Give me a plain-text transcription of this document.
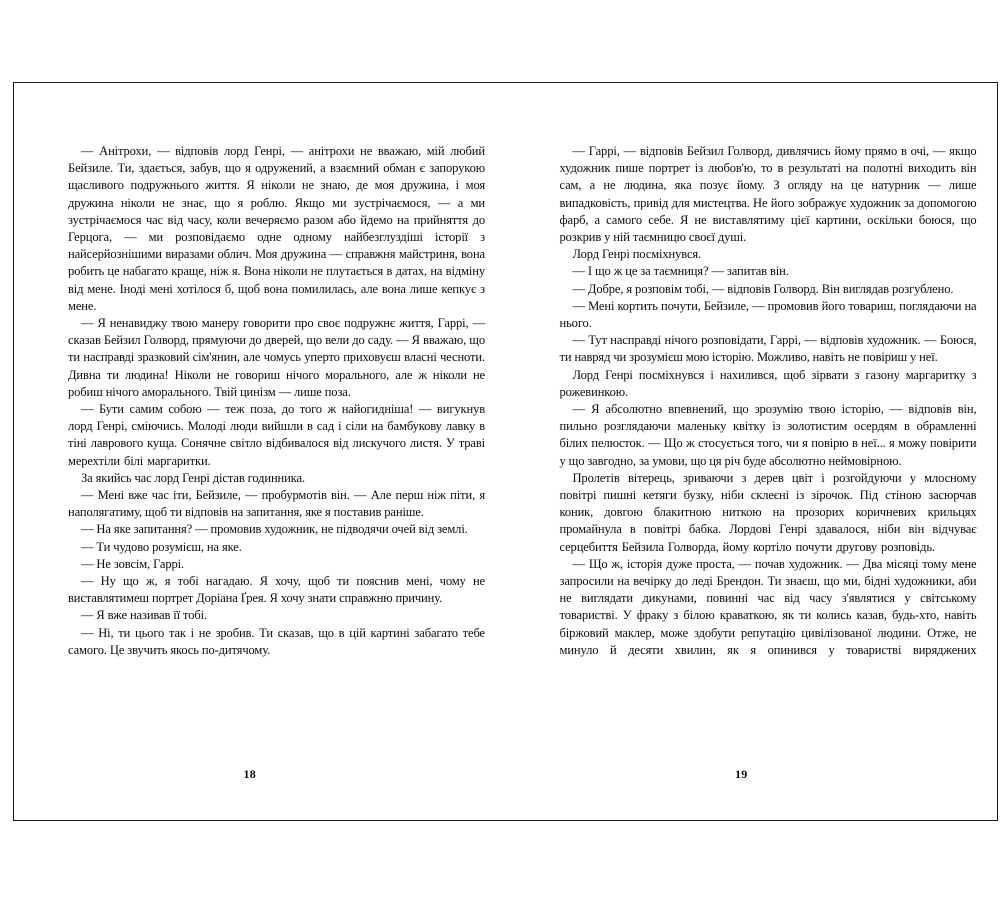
— Анітрохи, — відповів лорд Генрі, — анітрохи не вважаю, мій любий Бейзиле. Ти, здається, забув, що я одружений, а взаємний обман є запорукою щасливого подружнього життя. Я ніколи не знаю, де моя дружина, і моя дружина ніколи не знає, що я роблю. Якщо ми зустрічаємося, — а ми зустрічаємося час від часу, коли вечеряємо разом або йдемо на прийняття до Герцога, — ми розповідаємо одне одному найбезглуздіші історії з найсерйознішими виразами облич. Моя дружина — справжня майстриня, вона робить це набагато краще, ніж я. Вона ніколи не плутається в датах, на відміну від мене. Іноді мені хотілося б, щоб вона помилилась, але вона лише кепкує з мене.

— Я ненавиджу твою манеру говорити про своє подружнє життя, Гаррі, — сказав Бейзил Голворд, прямуючи до дверей, що вели до саду. — Я вважаю, що ти насправді зразковий сім'янин, але чомусь уперто приховуєш власні чесноти. Дивна ти людина! Ніколи не говориш нічого морального, але ж ніколи не робиш нічого аморального. Твій цинізм — лише поза.

— Бути самим собою — теж поза, до того ж найогидніша! — вигукнув лорд Генрі, сміючись. Молоді люди вийшли в сад і сіли на бамбукову лавку в тіні лаврового куща. Сонячне світло відбивалося від лискучого листя. У траві мерехтіли білі маргаритки.

За якийсь час лорд Генрі дістав годинника.

— Мені вже час іти, Бейзиле, — пробурмотів він. — Але перш ніж піти, я наполягатиму, щоб ти відповів на запитання, яке я поставив раніше.

— На яке запитання? — промовив художник, не підводячи очей від землі.

— Ти чудово розумієш, на яке.

— Не зовсім, Гаррі.

— Ну що ж, я тобі нагадаю. Я хочу, щоб ти пояснив мені, чому не виставлятимеш портрет Доріана Ґрея. Я хочу знати справжню причину.

— Я вже називав її тобі.

— Ні, ти цього так і не зробив. Ти сказав, що в цій картині забагато тебе самого. Це звучить якось по-дитячому.

18

— Гаррі, — відповів Бейзил Голворд, дивлячись йому прямо в очі, — якщо художник пише портрет із любов'ю, то в результаті на полотні виходить він сам, а не людина, яка позує йому. З огляду на це натурник — лише випадковість, привід для мистецтва. Не його зображує художник за допомогою фарб, а самого себе. Я не виставлятиму цієї картини, оскільки боюся, що розкрив у ній таємницю своєї душі.

Лорд Генрі посміхнувся.

— І що ж це за таємниця? — запитав він.

— Добре, я розповім тобі, — відповів Голворд. Він виглядав розгублено.

— Мені кортить почути, Бейзиле, — промовив його товариш, поглядаючи на нього.

— Тут насправді нічого розповідати, Гаррі, — відповів художник. — Боюся, ти навряд чи зрозумієш мою історію. Можливо, навіть не повіриш у неї.

Лорд Генрі посміхнувся і нахилився, щоб зірвати з газону маргаритку з рожевинкою.

— Я абсолютно впевнений, що зрозумію твою історію, — відповів він, пильно розглядаючи маленьку квітку із золотистим осердям в обрамленні білих пелюсток. — Що ж стосується того, чи я повірю в неї... я можу повірити у що завгодно, за умови, що ця річ буде абсолютно неймовірною.

Пролетів вітерець, зриваючи з дерев цвіт і розгойдуючи у млосному повітрі пишні кетяги бузку, ніби склеєні із зірочок. Під стіною засюрчав коник, довгою блакитною ниткою на прозорих коричневих крильцях промайнула в повітрі бабка. Лордові Генрі здавалося, ніби він відчуває серцебиття Бейзила Голворда, йому кортіло почути другову розповідь.

— Що ж, історія дуже проста, — почав художник. — Два місяці тому мене запросили на вечірку до леді Брендон. Ти знаєш, що ми, бідні художники, аби не виглядати дикунами, повинні час від часу з'являтися у світському товаристві. У фраку з білою краваткою, як ти колись казав, будь-хто, навіть біржовий маклер, може здобути репутацію цивілізованої людини. Отже, не минуло й десяти хвилин, як я опинився у товаристві виряджених

19
